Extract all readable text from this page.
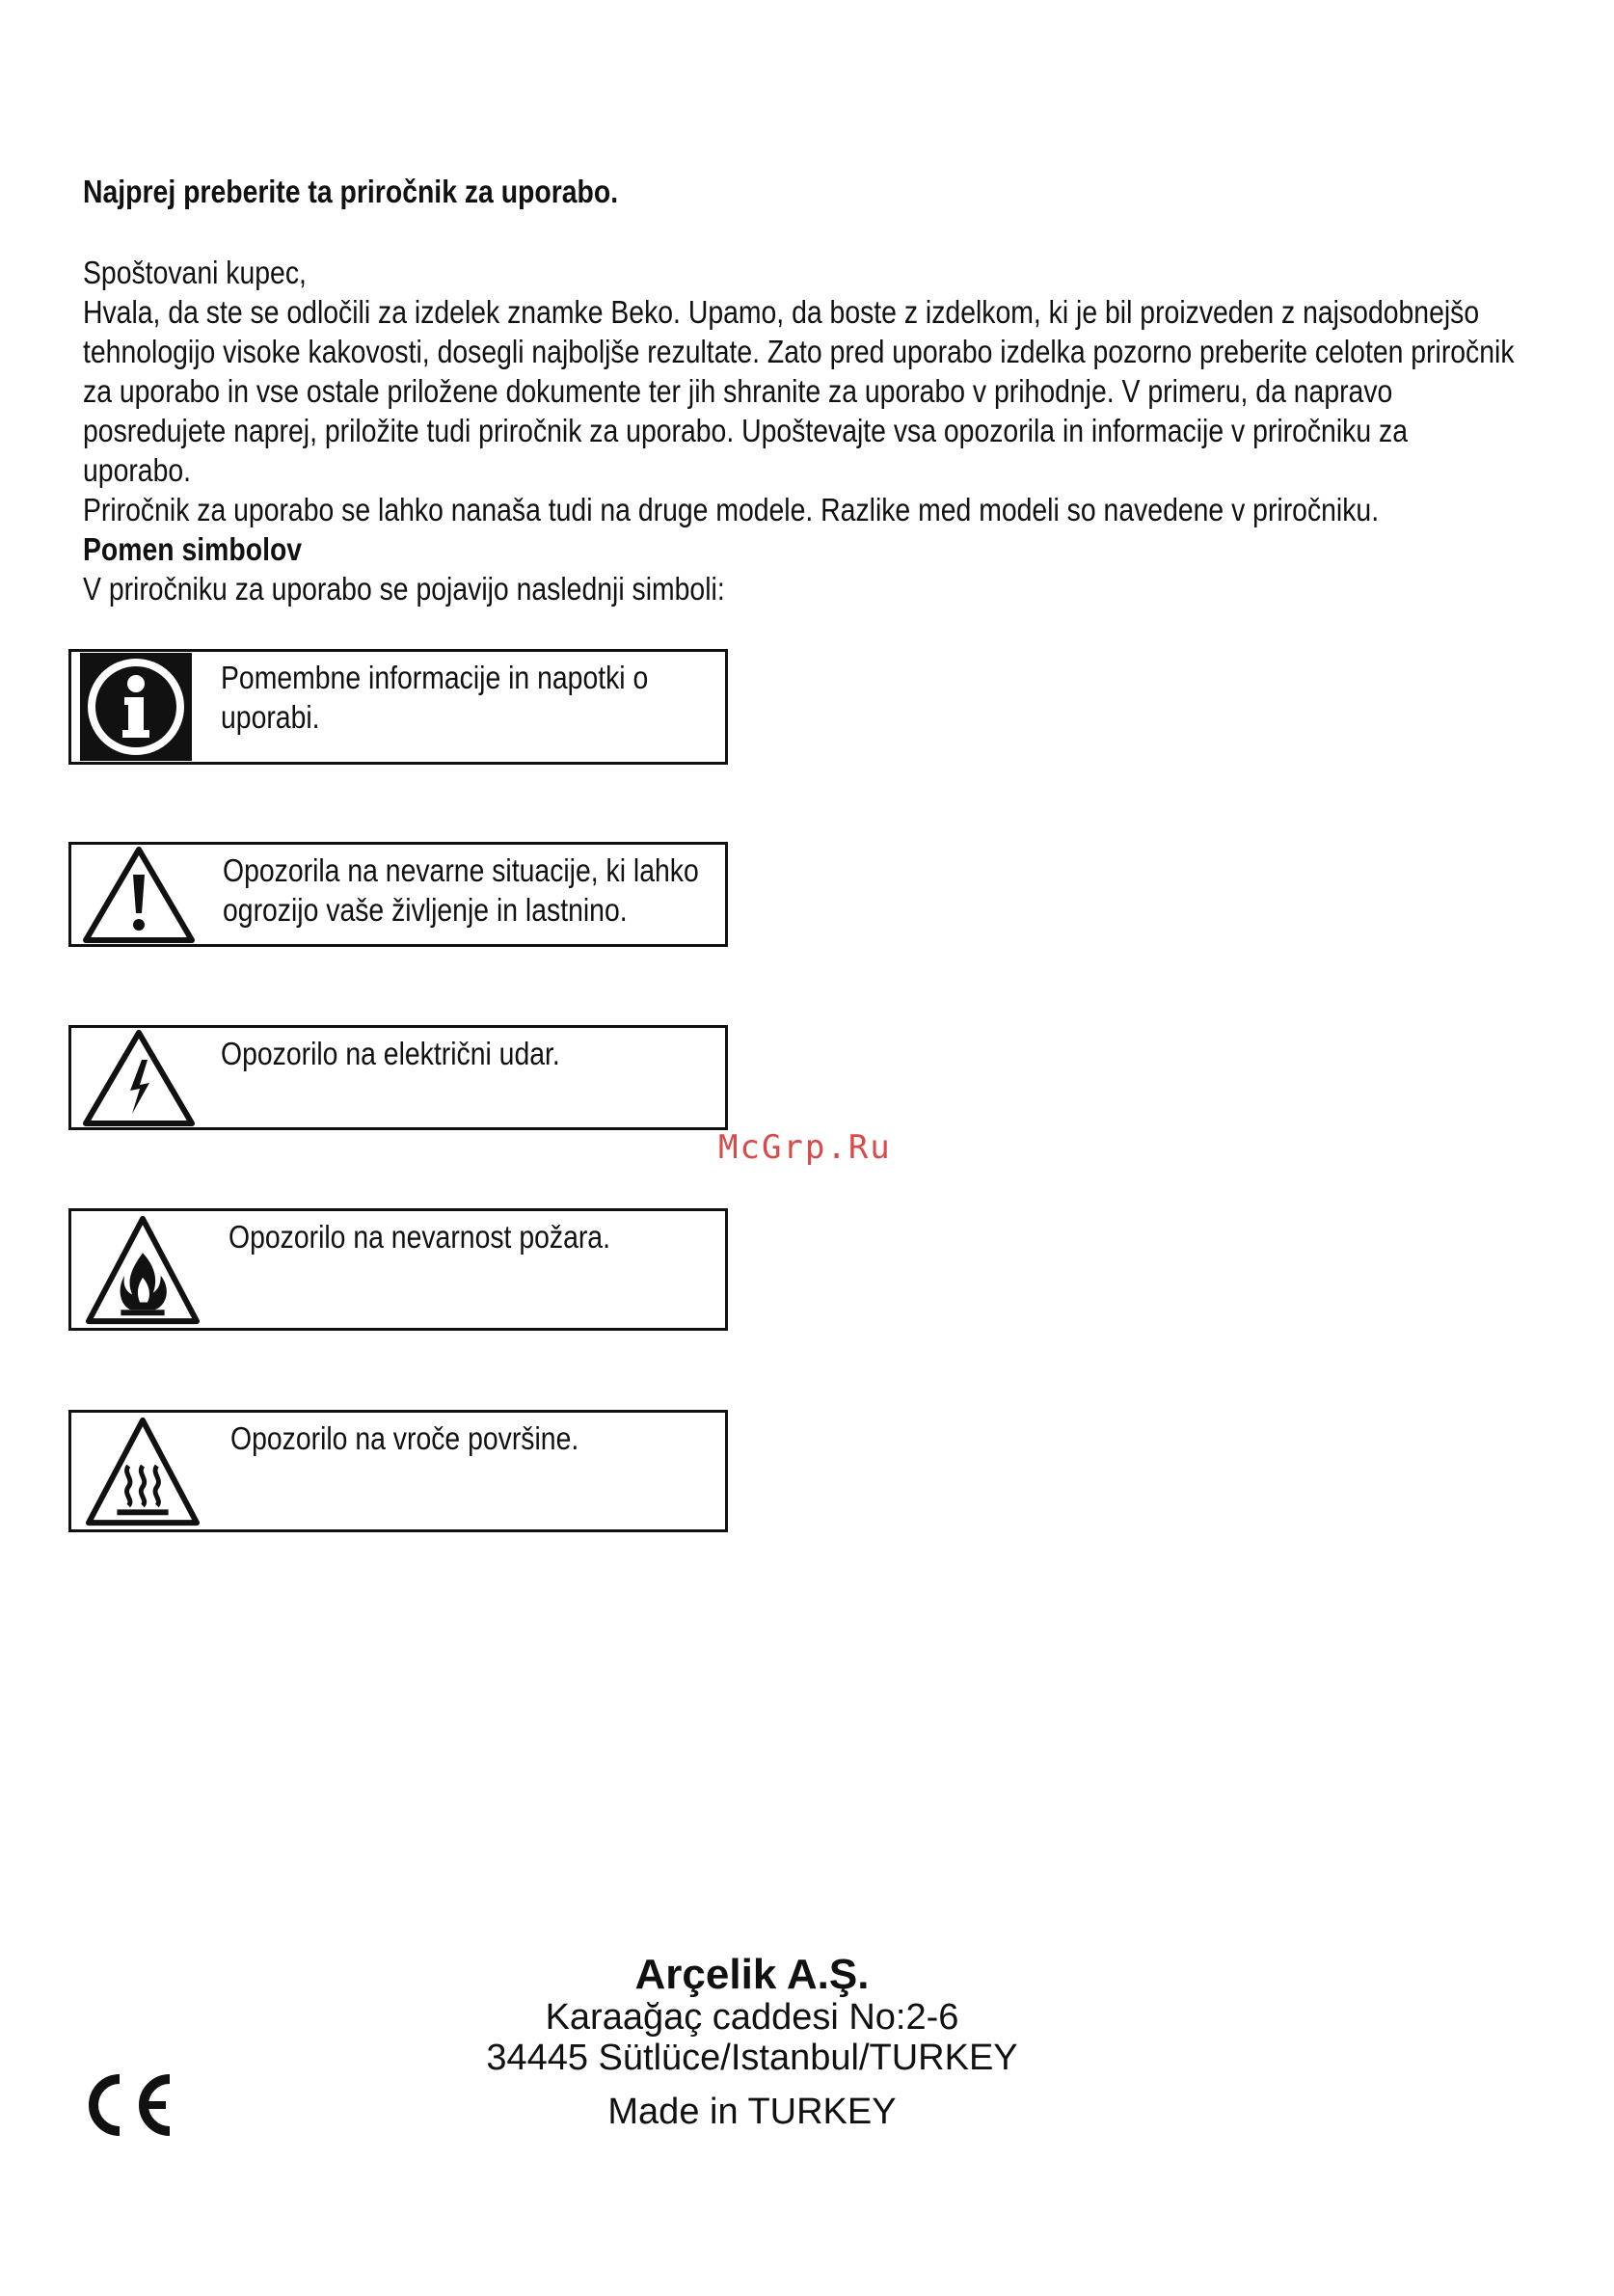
Najprej preberite ta priročnik za uporabo.

Spoštovani kupec,

Hvala, da ste se odločili za izdelek znamke Beko. Upamo, da boste z izdelkom, ki je bil proizveden z najsodobnejšo tehnologijo visoke kakovosti, dosegli najboljše rezultate. Zato pred uporabo izdelka pozorno preberite celoten priročnik za uporabo in vse ostale priložene dokumente ter jih shranite za uporabo v prihodnje. V primeru, da napravo posredujete naprej, priložite tudi priročnik za uporabo. Upoštevajte vsa opozorila in informacije v priročniku za uporabo.

Priročnik za uporabo se lahko nanaša tudi na druge modele. Razlike med modeli so navedene v priročniku.

Pomen simbolov

V priročniku za uporabo se pojavijo naslednji simboli:

Pomembne informacije in napotki o uporabi.
Opozorila na nevarne situacije, ki lahko ogrozijo vaše življenje in lastnino.
Opozorilo na električni udar.
Opozorilo na nevarnost požara.
Opozorilo na vroče površine.
McGrp.Ru
Arçelik A.Ş.
Karaağaç caddesi No:2-6
34445 Sütlüce/Istanbul/TURKEY
Made in TURKEY
